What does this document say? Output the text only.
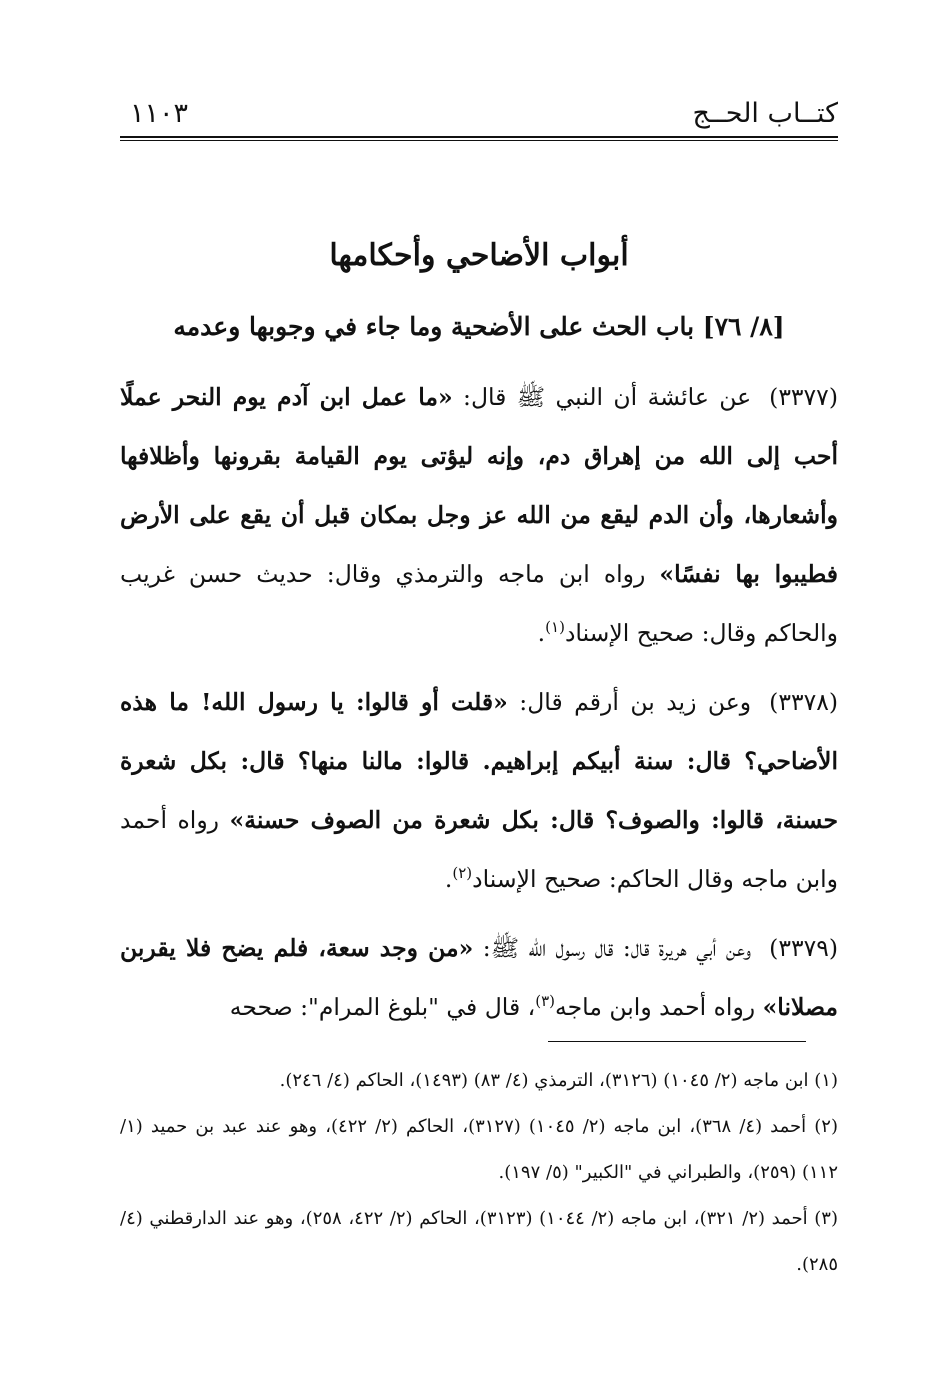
كتــاب الحــج
١١٠٣
أبواب الأضاحي وأحكامها
[٨/ ٧٦] باب الحث على الأضحية وما جاء في وجوبها وعدمه

(٣٣٧٧)عن عائشة أن النبي ﷺ قال: «ما عمل ابن آدم يوم النحر عملًا أحب إلى الله من إهراق دم، وإنه ليؤتى يوم القيامة بقرونها وأظلافها وأشعارها، وأن الدم ليقع من الله عز وجل بمكان قبل أن يقع على الأرض فطيبوا بها نفسًا» رواه ابن ماجه والترمذي وقال: حديث حسن غريب والحاكم وقال: صحيح الإسناد$^{(١)}$.

(٣٣٧٨)وعن زيد بن أرقم قال: «قلت أو قالوا: يا رسول الله! ما هذه الأضاحي؟ قال: سنة أبيكم إبراهيم. قالوا: مالنا منها؟ قال: بكل شعرة حسنة، قالوا: والصوف؟ قال: بكل شعرة من الصوف حسنة» رواه أحمد وابن ماجه وقال الحاكم: صحيح الإسناد$^{(٢)}$.

(٣٣٧٩)وعن أبي هريرة قال: قال رسول الله ﷺ: «من وجد سعة، فلم يضح فلا يقربن مصلانا» رواه أحمد وابن ماجه$^{(٣)}$، قال في "بلوغ المرام": صححه

(١) ابن ماجه (٢/ ١٠٤٥) (٣١٢٦)، الترمذي (٤/ ٨٣) (١٤٩٣)، الحاكم (٤/ ٢٤٦).

(٢) أحمد (٤/ ٣٦٨)، ابن ماجه (٢/ ١٠٤٥) (٣١٢٧)، الحاكم (٢/ ٤٢٢)، وهو عند عبد بن حميد (١/ ١١٢) (٢٥٩)، والطبراني في "الكبير" (٥/ ١٩٧).

(٣) أحمد (٢/ ٣٢١)، ابن ماجه (٢/ ١٠٤٤) (٣١٢٣)، الحاكم (٢/ ٤٢٢، ٢٥٨)، وهو عند الدارقطني (٤/ ٢٨٥).
